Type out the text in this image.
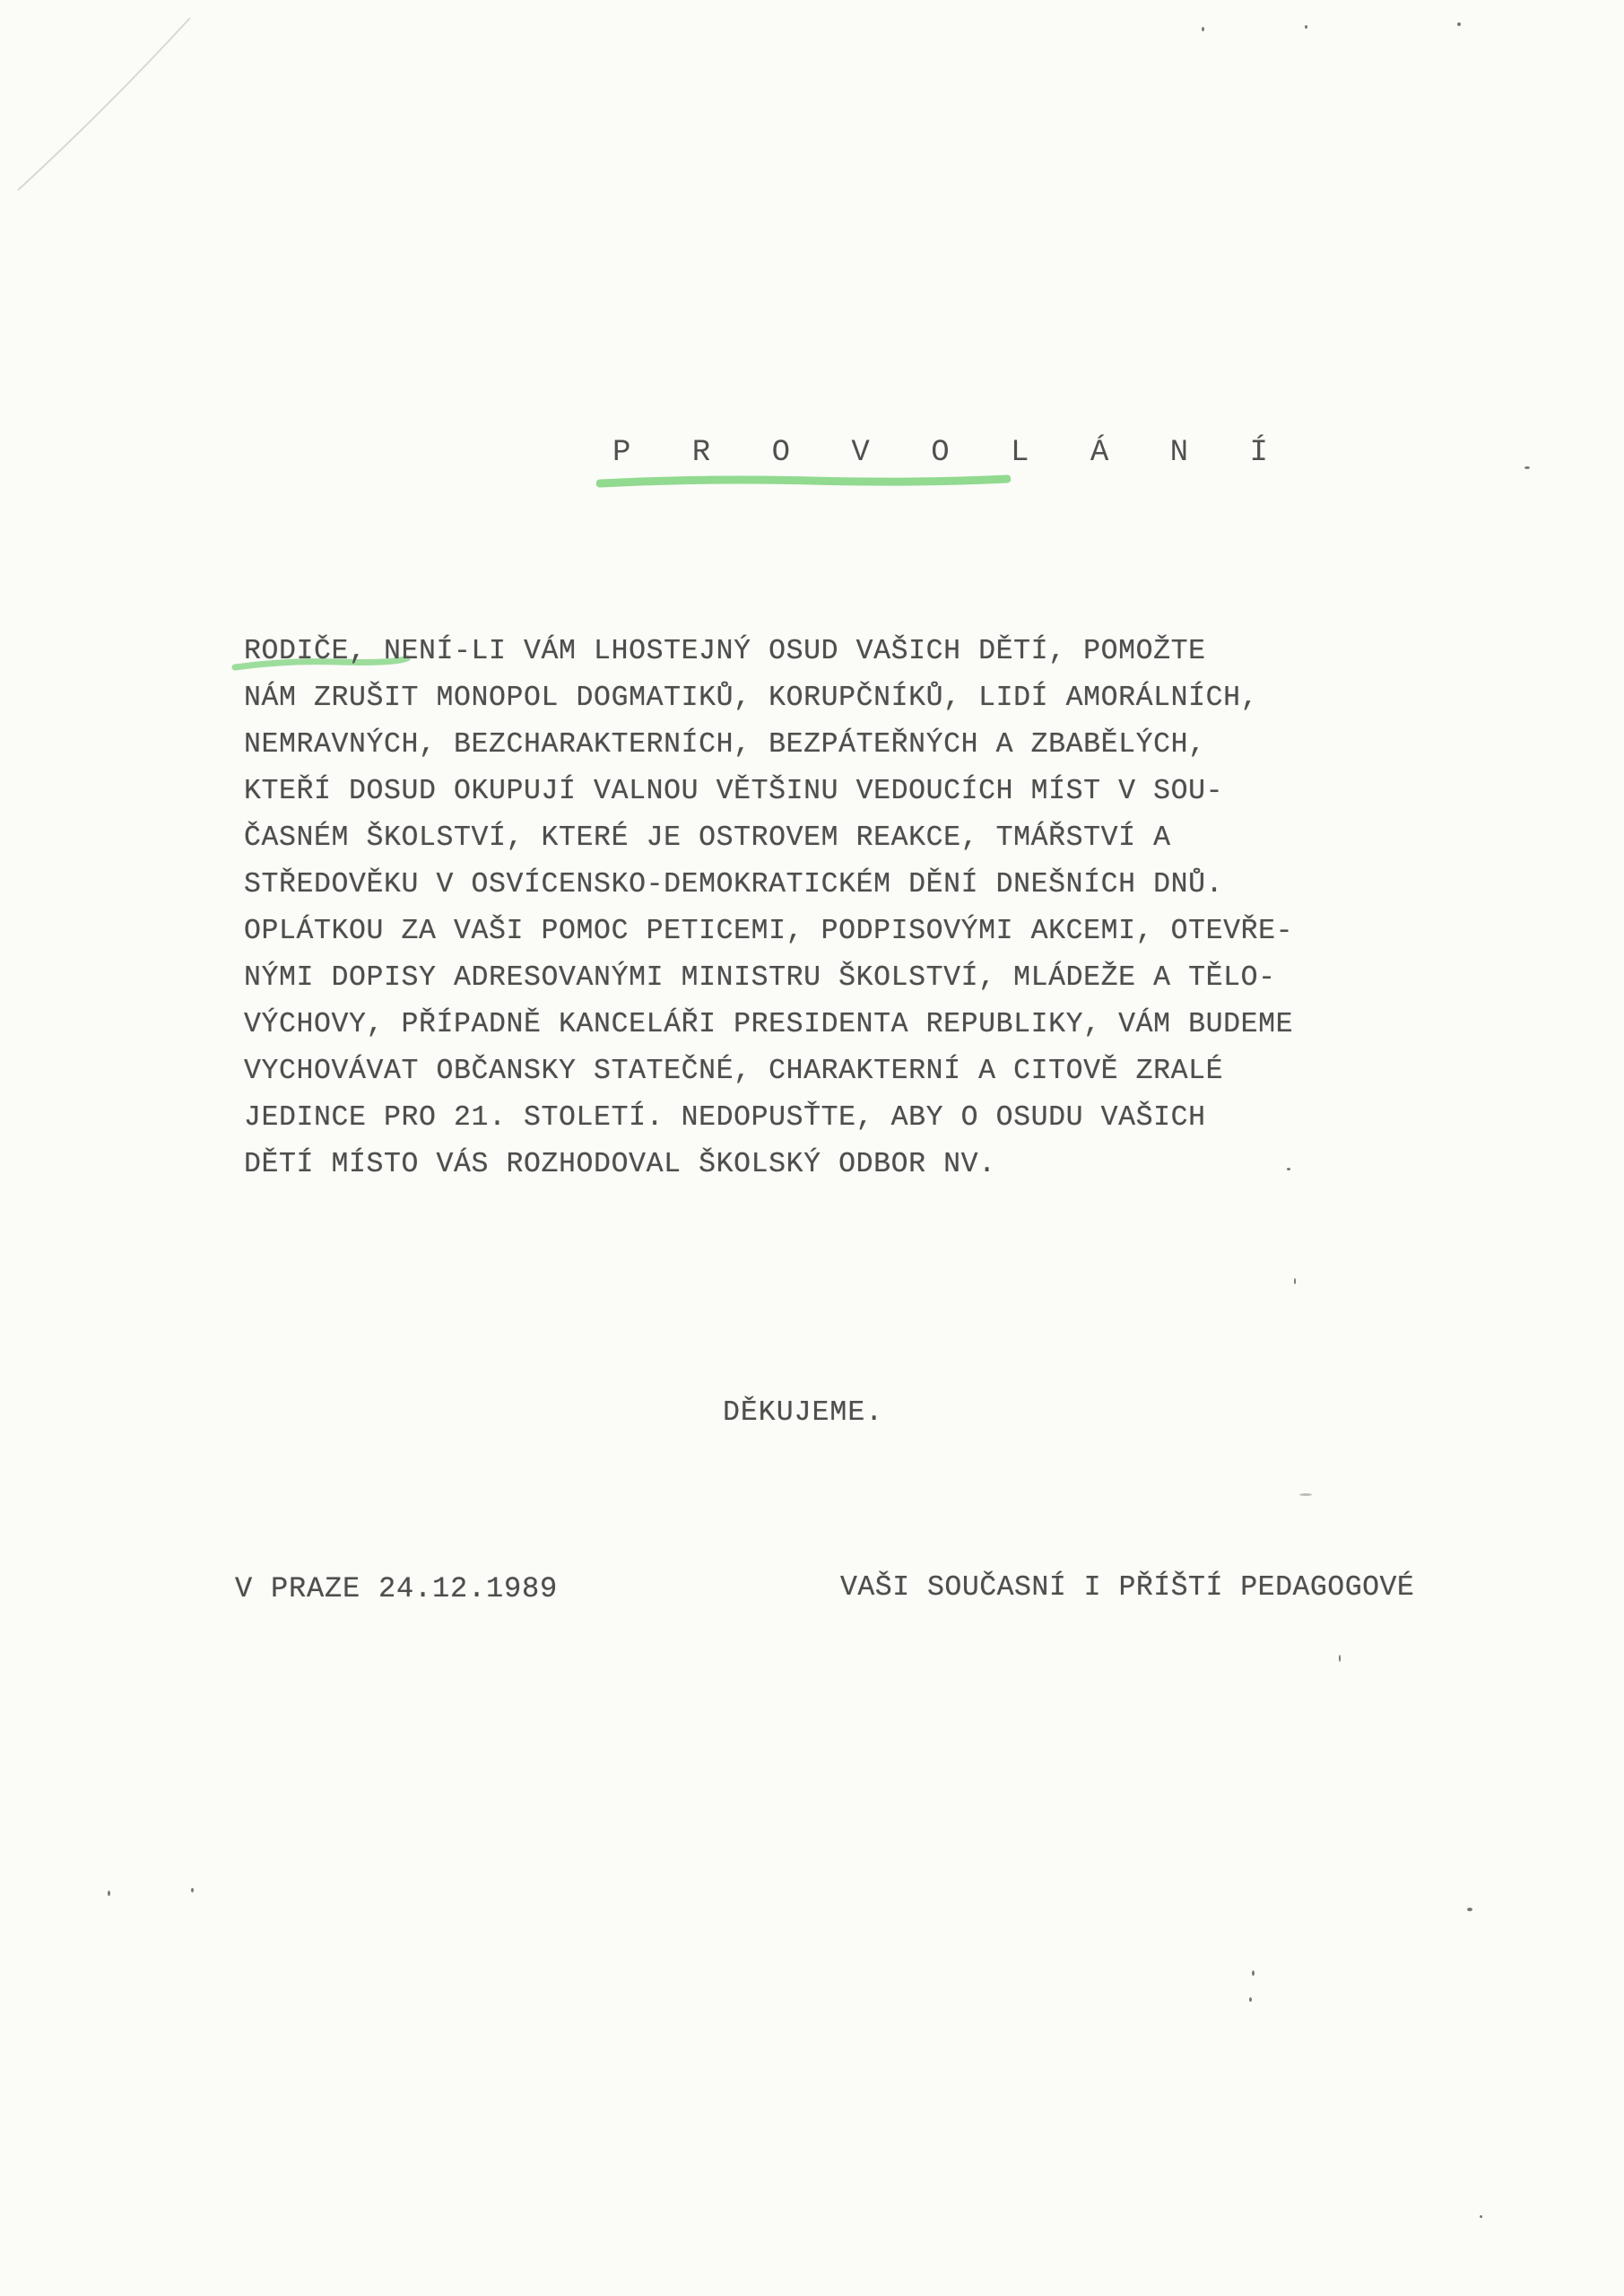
P R O V O L Á N Í
RODIČE, NENÍ-LI VÁM LHOSTEJNÝ OSUD VAŠICH DĚTÍ, POMOŽTE
NÁM ZRUŠIT MONOPOL DOGMATIKŮ, KORUPČNÍKŮ, LIDÍ AMORÁLNÍCH,
NEMRAVNÝCH, BEZCHARAKTERNÍCH, BEZPÁTEŘNÝCH A ZBABĚLÝCH,
KTEŘÍ DOSUD OKUPUJÍ VALNOU VĚTŠINU VEDOUCÍCH MÍST V SOU-
ČASNÉM ŠKOLSTVÍ, KTERÉ JE OSTROVEM REAKCE, TMÁŘSTVÍ A
STŘEDOVĚKU V OSVÍCENSKO-DEMOKRATICKÉM DĚNÍ DNEŠNÍCH DNŮ.
OPLÁTKOU ZA VAŠI POMOC PETICEMI, PODPISOVÝMI AKCEMI, OTEVŘE-
NÝMI DOPISY ADRESOVANÝMI MINISTRU ŠKOLSTVÍ, MLÁDEŽE A TĚLO-
VÝCHOVY, PŘÍPADNĚ KANCELÁŘI PRESIDENTA REPUBLIKY, VÁM BUDEME
VYCHOVÁVAT OBČANSKY STATEČNÉ, CHARAKTERNÍ A CITOVĚ ZRALÉ
JEDINCE PRO 21. STOLETÍ. NEDOPUSŤTE, ABY O OSUDU VAŠICH
DĚTÍ MÍSTO VÁS ROZHODOVAL ŠKOLSKÝ ODBOR NV.
DĚKUJEME.
V PRAZE 24.12.1989	VAŠI SOUČASNÍ I PŘÍŠTÍ PEDAGOGOVÉ
